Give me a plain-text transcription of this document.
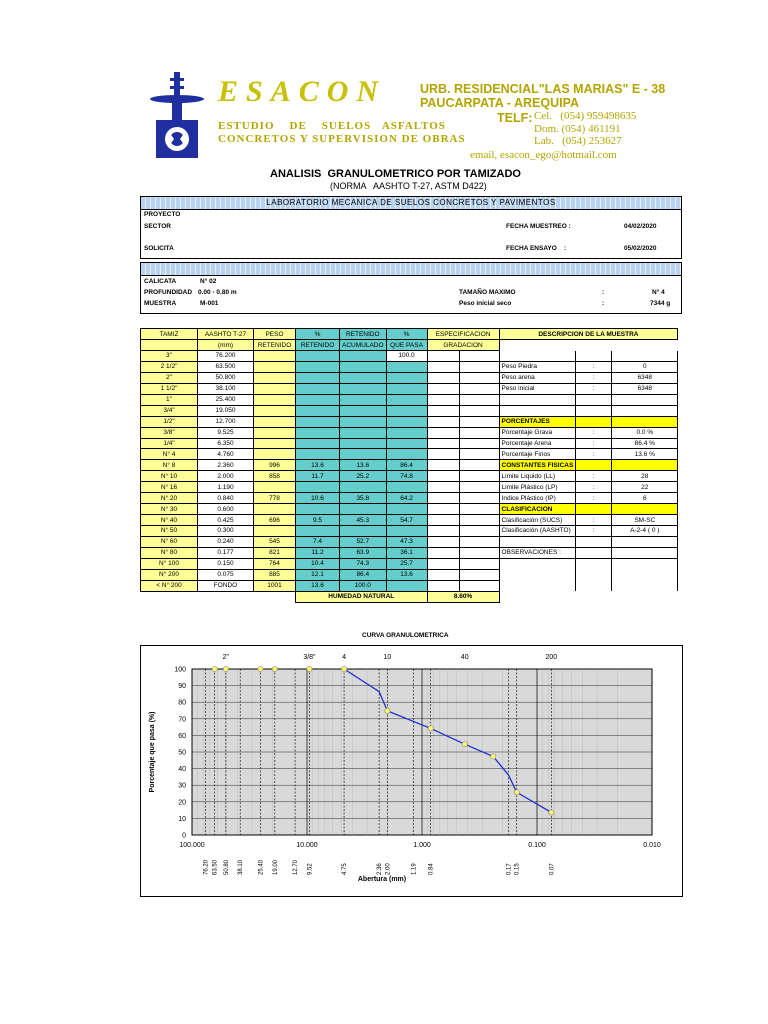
ESACON
ESTUDIO    DE    SUELOS   ASFALTOS
CONCRETOS Y SUPERVISION DE OBRAS
URB. RESIDENCIAL"LAS MARIAS" E - 38
PAUCARPATA - AREQUIPA
TELF: Cel.   (054) 959498635
Dom. (054) 461191
Lab.   (054) 253627
email, esacon_ego@hotmail.com
ANALISIS  GRANULOMETRICO POR TAMIZADO
(NORMA   AASHTO T-27, ASTM D422)
LABORATORIO MECANICA DE SUELOS CONCRETOS Y PAVIMENTOS
PROYECTO
SECTOR
SOLICITA
FECHA MUESTREO :	04/02/2020
FECHA ENSAYO    :	05/02/2020
CALICATA	N° 02
PROFUNDIDAD 0.00 - 0.80 m
MUESTRA	M-001
TAMAÑO MAXIMO	:	N° 4
Peso inicial seco	:	7344 g
TAMIZ	AASHTO T-27	PESO	%	RETENIDO	%	ESPECIFICACION		DESCRIPCION DE LA MUESTRA		
	(mm)	RETENIDO	RETENIDO	ACUMULADO	QUE PASA	GRADACION				
3"	76.200				100.0					
2 1/2"	63.500							Peso Piedra	:	0
2"	50.800							Peso arena	:	6348
1 1/2"	38.100							Peso inicial	:	6348
1"	25.400									
3/4"	19.050									
1/2"	12.700							PORCENTAJES		
3/8"	9.525							Porcentaje Grava	:	0.0 %
1/4"	6.350							Porcentaje Arena	:	86.4 %
N° 4	4.760							Porcentaje Finos	:	13.6 %
N° 8	2.360	996	13.6	13.6	86.4			CONSTANTES FISICAS		
N° 10	2.000	858	11.7	25.2	74.8			Limite Liquido (LL)	:	28
N° 16	1.190							Limite Plástico (LP)	:	22
N° 20	0.840	778	10.6	35.8	64.2			Indice Plástico (IP)	:	6
N° 30	0.600							CLASIFICACION		
N° 40	0.425	696	9.5	45.3	54.7			Clasificación (SUCS)	:	SM-SC
N° 50	0.300							Clasificación (AASHTO)	:	A-2-4 ( 0 )
N° 60	0.240	545	7.4	52.7	47.3					
N° 80	0.177	821	11.2	63.9	36.1			OBSERVACIONES :		
N° 100	0.150	764	10.4	74.3	25.7					
N° 200	0.075	885	12.1	86.4	13.6					
< N° 200	FONDO	1001	13.6	100.0						
			HUMEDAD NATURAL			8.60%				
CURVA GRANULOMETRICA
0
10
20
30
40
50
60
70
80
90
100
100.000	10.000	1.000	0.100	0.010
2"	3/8"	4	10	40	200
76.20 63.50 50.80 38.10 25.40 19.00 12.70 9.52	4.75	2.36 2.00	1.19 0.84	0.17 0.15	0.07
Abertura (mm)
Porcentaje que pasa (%)
